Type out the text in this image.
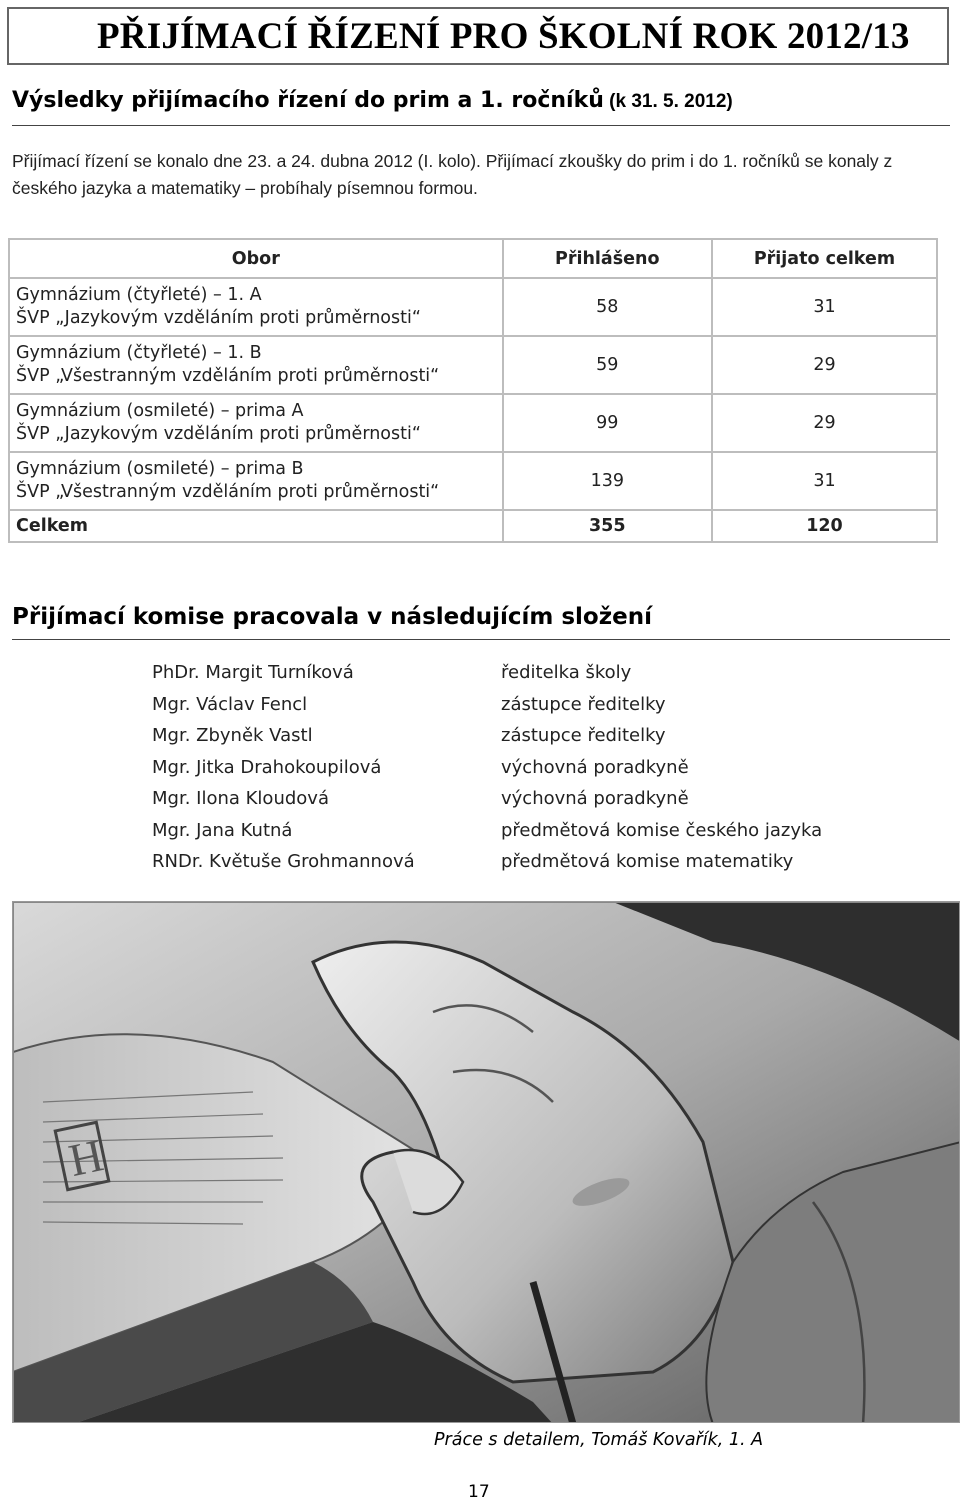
PŘIJÍMACÍ ŘÍZENÍ PRO ŠKOLNÍ ROK 2012/13
Výsledky přijímacího řízení do prim a 1. ročníků (k 31. 5. 2012)
Přijímací řízení se konalo dne 23. a 24. dubna 2012 (I. kolo). Přijímací zkoušky do prim i do 1. ročníků se konaly z českého jazyka a matematiky – probíhaly písemnou formou.
Obor	Přihlášeno	Přijato celkem

Gymnázium (čtyřleté) – 1. A
ŠVP „Jazykovým vzděláním proti průměrnosti“	58	31

Gymnázium (čtyřleté) – 1. B
ŠVP „Všestranným vzděláním proti průměrnosti“	59	29

Gymnázium (osmileté) – prima A
ŠVP „Jazykovým vzděláním proti průměrnosti“	99	29

Gymnázium (osmileté) – prima B
ŠVP „Všestranným vzděláním proti průměrnosti“	139	31
Celkem	355	120
Přijímací komise pracovala v následujícím složení
PhDr. Margit Turníková	ředitelka školy
Mgr. Václav Fencl	zástupce ředitelky
Mgr. Zbyněk Vastl	zástupce ředitelky
Mgr. Jitka Drahokoupilová	výchovná poradkyně
Mgr. Ilona Kloudová	výchovná poradkyně
Mgr. Jana Kutná	předmětová komise českého jazyka
RNDr. Květuše Grohmannová	předmětová komise matematiky
H
Práce s detailem, Tomáš Kovařík, 1. A
17
